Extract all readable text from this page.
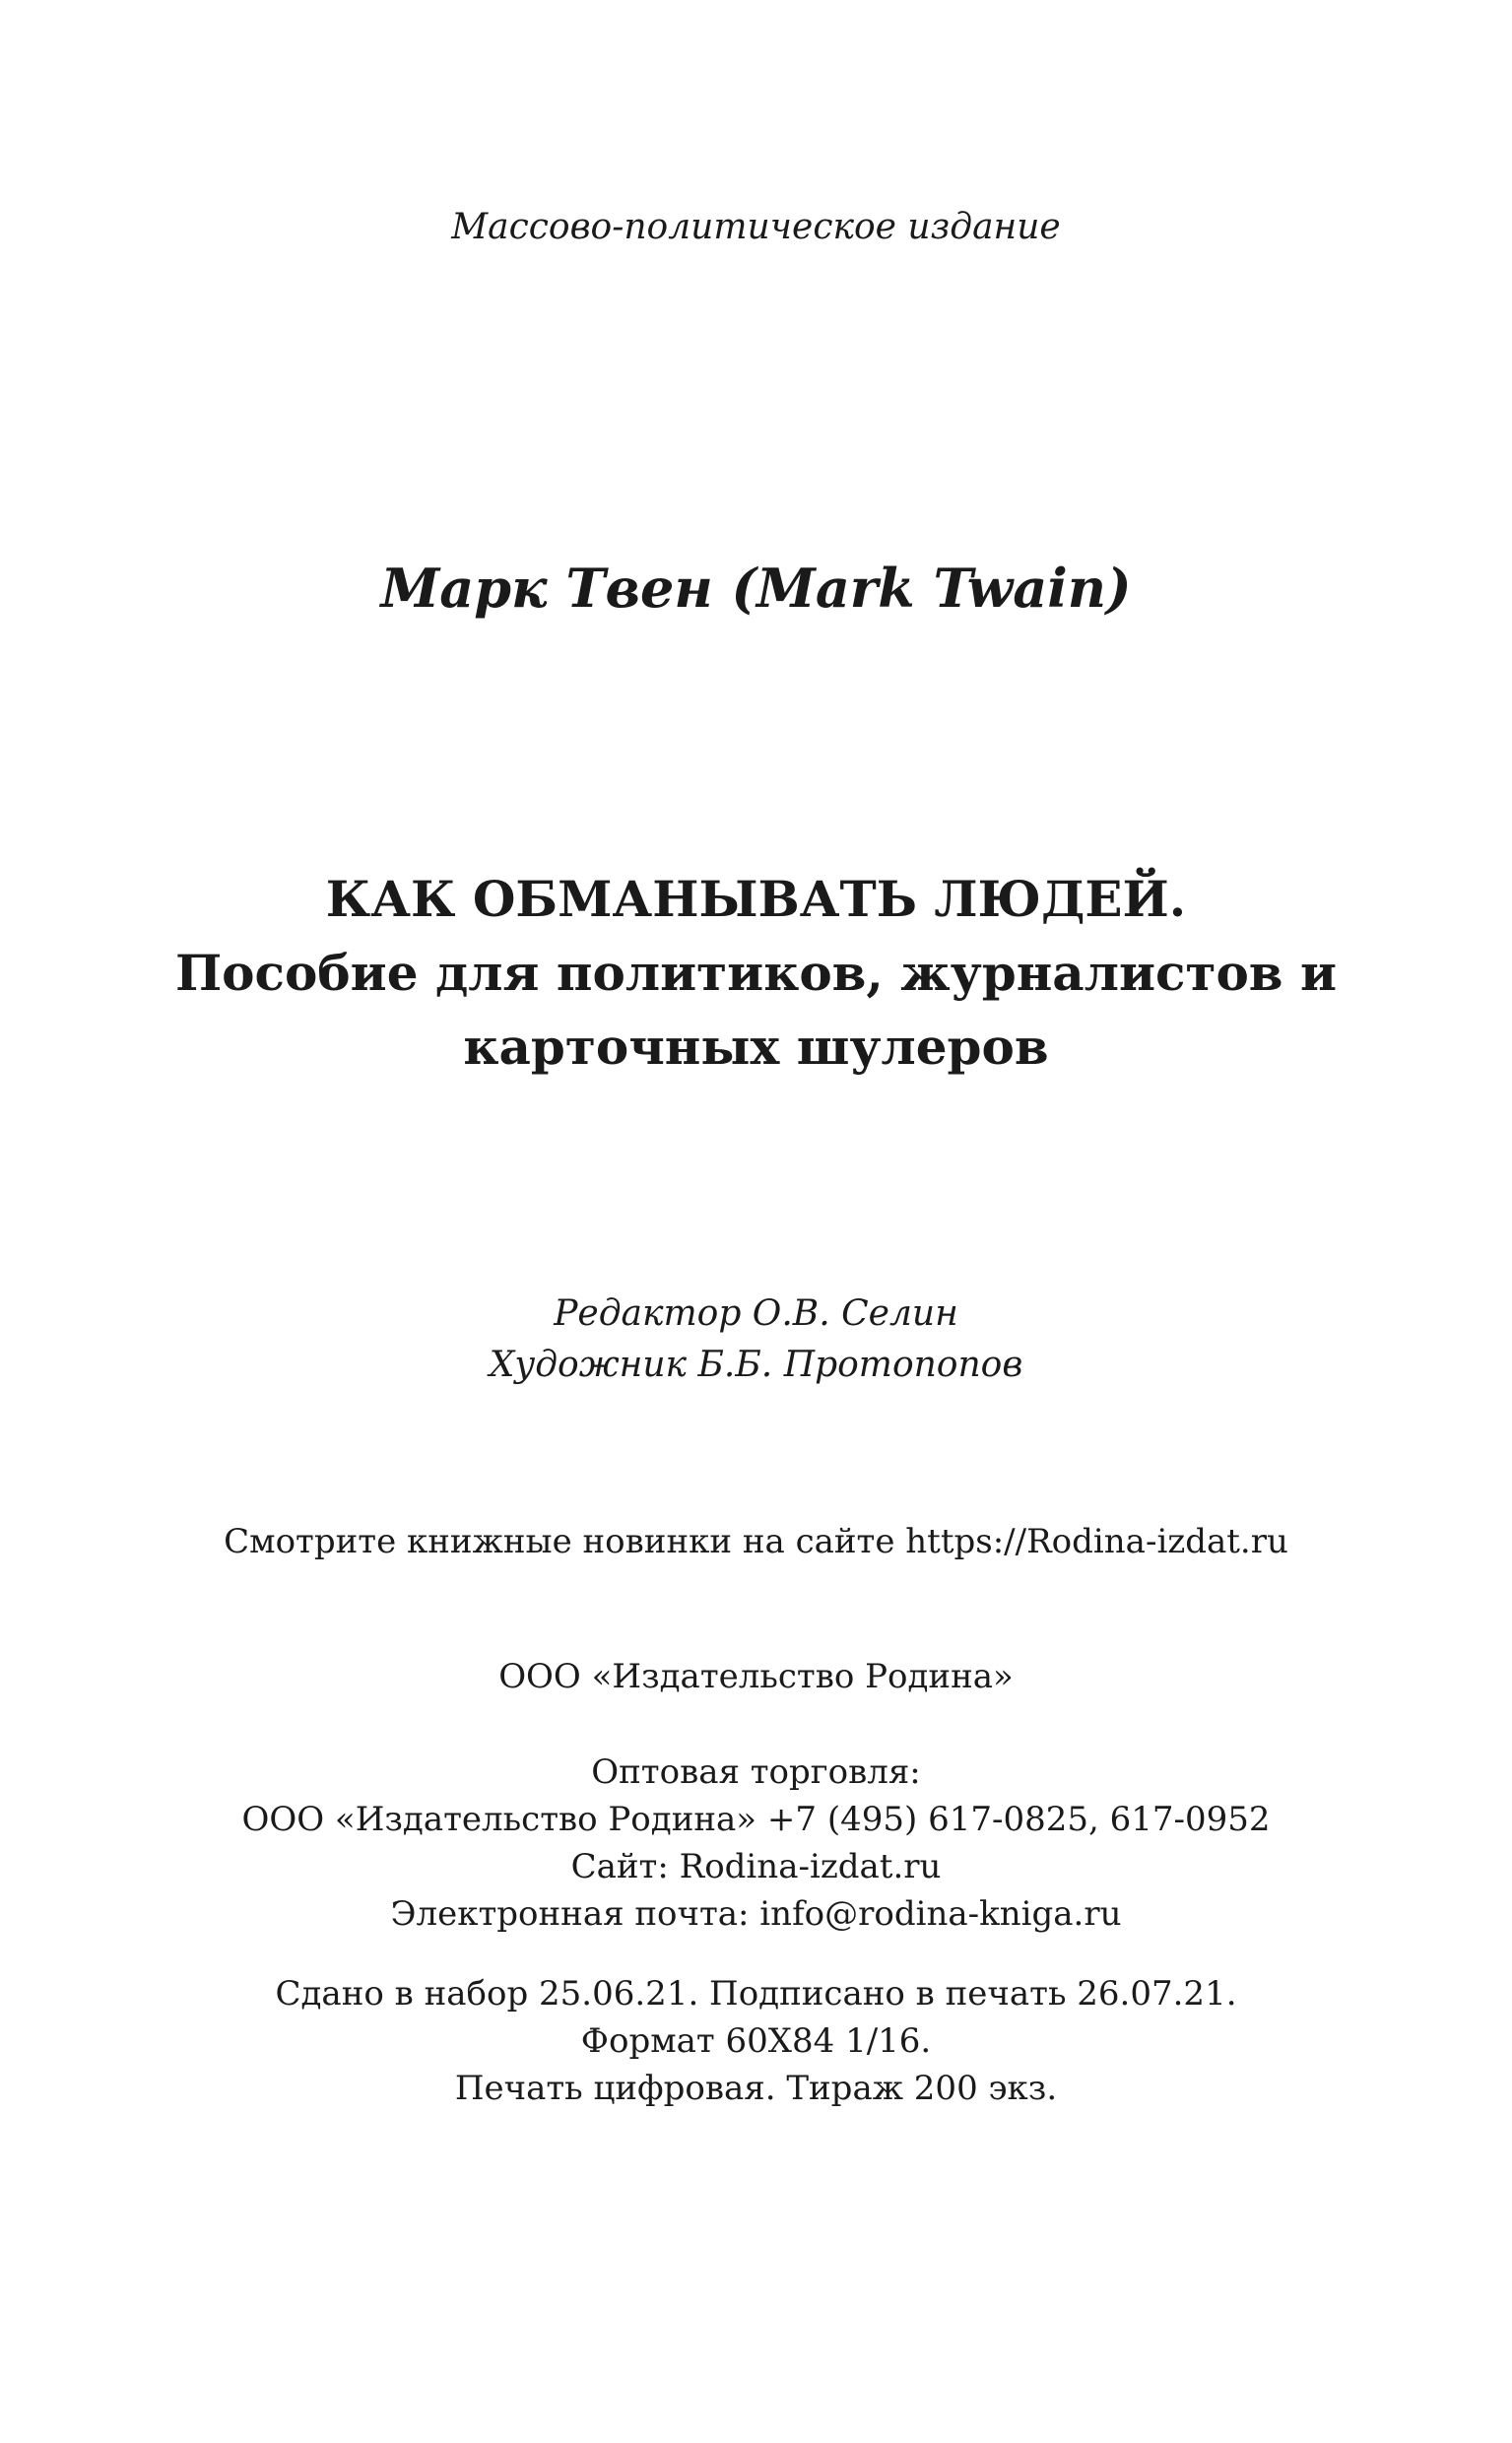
Массово-политическое издание

Марк Твен (Mark Twain)

КАК ОБМАНЫВАТЬ ЛЮДЕЙ.
Пособие для политиков, журналистов и
карточных шулеров
Редактор О.В. Селин
Художник Б.Б. Протопопов

Смотрите книжные новинки на сайте https://Rodina-izdat.ru

ООО «Издательство Родина»

Оптовая торговля:
ООО «Издательство Родина» +7 (495) 617-0825, 617-0952
Сайт: Rodina-izdat.ru
Электронная почта: info@rodina-kniga.ru
Сдано в набор 25.06.21. Подписано в печать 26.07.21.
Формат 60Х84 1/16.
Печать цифровая. Тираж 200 экз.
